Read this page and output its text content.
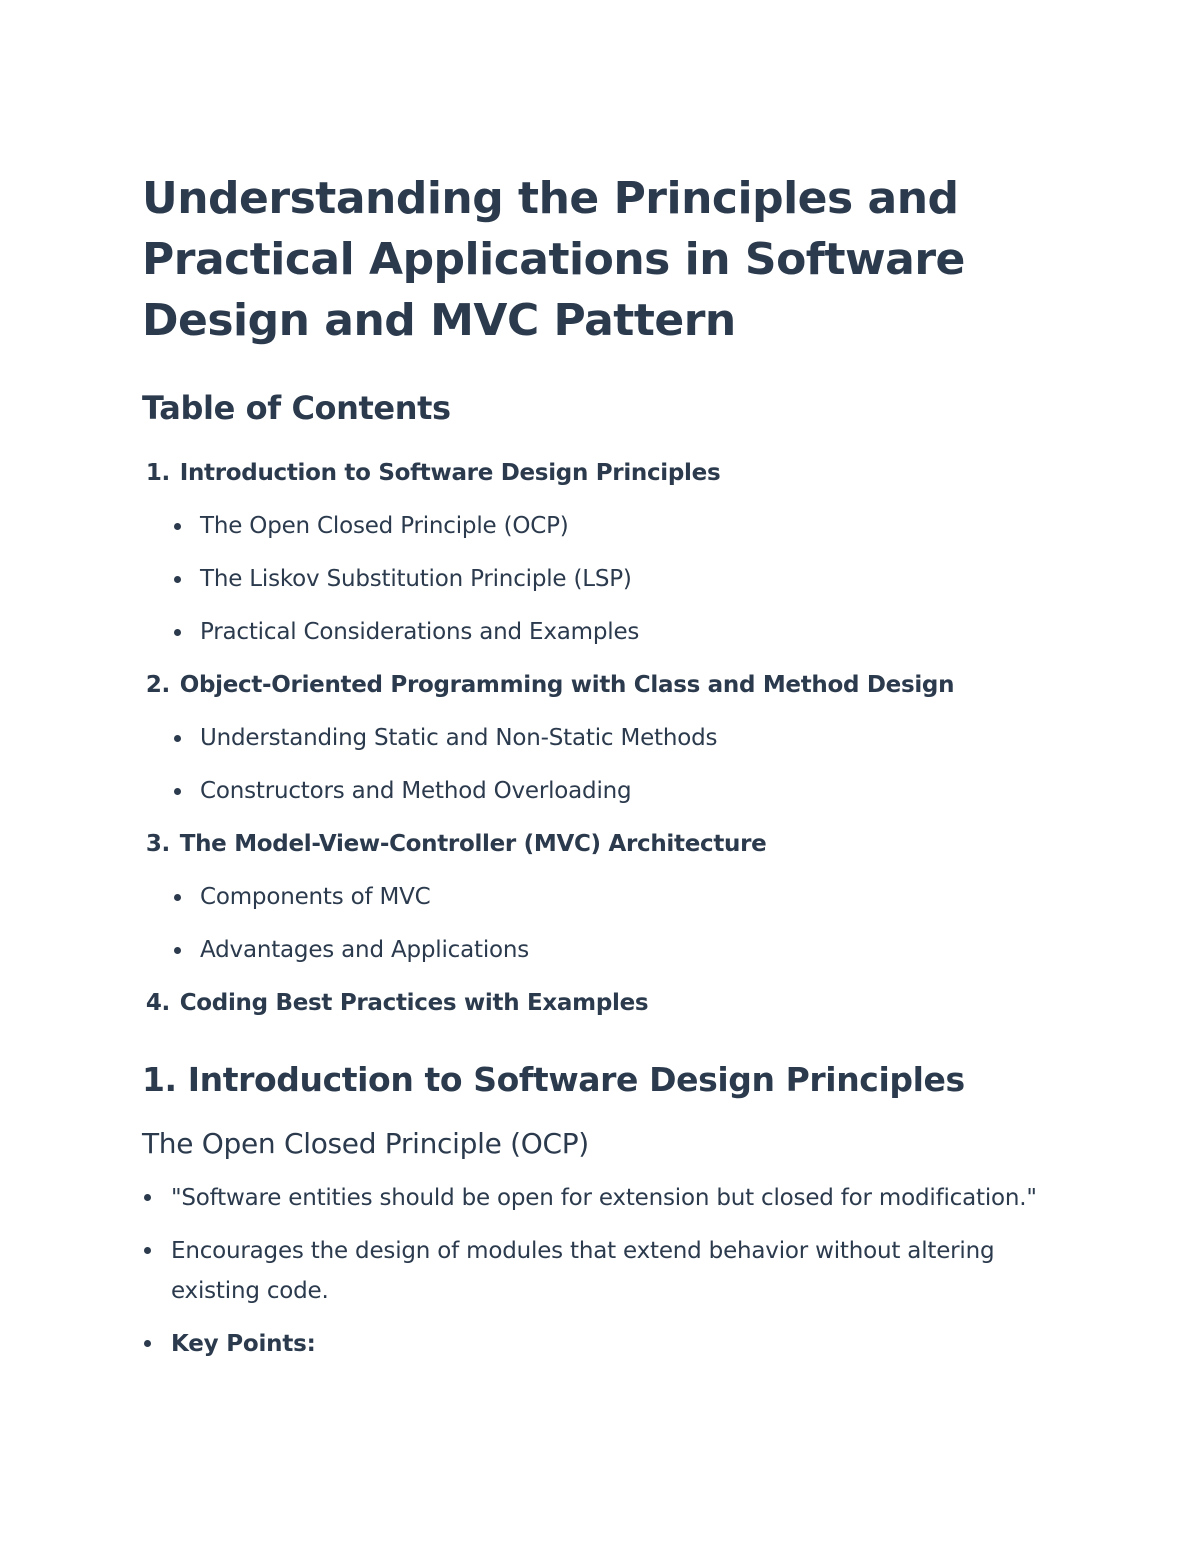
Understanding the Principles and Practical Applications in Software Design and MVC Pattern
Table of Contents
1. Introduction to Software Design Principles
The Open Closed Principle (OCP)
The Liskov Substitution Principle (LSP)
Practical Considerations and Examples
2. Object-Oriented Programming with Class and Method Design
Understanding Static and Non-Static Methods
Constructors and Method Overloading
3. The Model-View-Controller (MVC) Architecture
Components of MVC
Advantages and Applications
4. Coding Best Practices with Examples
1. Introduction to Software Design Principles
The Open Closed Principle (OCP)
"Software entities should be open for extension but closed for modification."
Encourages the design of modules that extend behavior without altering existing code.
Key Points:
